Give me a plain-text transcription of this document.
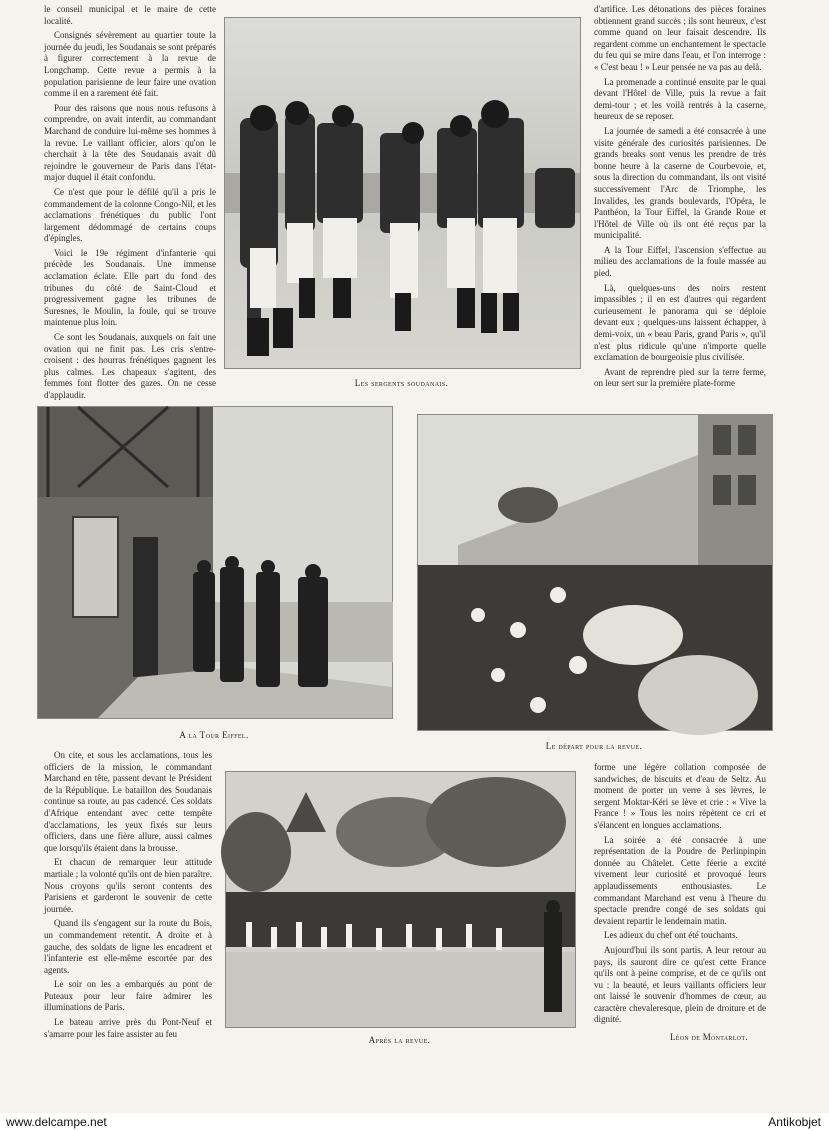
le conseil municipal et le maire de cette localité.

Consignés sévèrement au quartier toute la journée du jeudi, les Soudanais se sont préparés à figurer correctement à la revue de Longchamp. Cette revue a permis à la population parisienne de leur faire une ovation comme il en a rarement été fait.

Pour des raisons que nous nous refusons à comprendre, on avait interdit, au commandant Marchand de conduire lui-même ses hommes à la revue. Le vaillant officier, alors qu'on le cherchait à la tête des Soudanais avait dû rejoindre le gouverneur de Paris dans l'état-major duquel il était confondu.

Ce n'est que pour le défilé qu'il a pris le commandement de la colonne Congo-Nil, et les acclamations frénétiques du public l'ont largement dédommagé de certains coups d'épingles.

Voici le 19e régiment d'infanterie qui précède les Soudanais. Une immense acclamation éclate. Elle part du fond des tribunes du côté de Saint-Cloud et progressivement gagne les tribunes de Suresnes, le Moulin, la foule, qui se trouve maintenue plus loin.

Ce sont les Soudanais, auxquels on fait une ovation qui ne finit pas. Les cris s'entre-croisent : des hourras frénétiques gagnent les plus calmes. Les chapeaux s'agitent, des femmes font flotter des gazes. On ne cesse d'applaudir.

Les sergents soudanais.

d'artifice. Les détonations des pièces foraines obtiennent grand succès ; ils sont heureux, c'est comme quand on leur faisait descendre. Ils regardent comme un enchantement le spectacle du feu qui se mire dans l'eau, et l'on interroge : « C'est beau ! » Leur pensée ne va pas au delà.

La promenade a continué ensuite par le quai devant l'Hôtel de Ville, puis la revue a fait demi-tour ; et les voilà rentrés à la caserne, heureux de se reposer.

La journée de samedi a été consacrée à une visite générale des curiosités parisiennes. De grands breaks sont venus les prendre de très bonne heure à la caserne de Courbevoie, et, sous la direction du commandant, ils ont visité successivement l'Arc de Triomphe, les Invalides, les grands boulevards, l'Opéra, le Panthéon, la Tour Eiffel, la Grande Roue et l'Hôtel de Ville où ils ont été reçus par la municipalité.

A la Tour Eiffel, l'ascension s'effectue au milieu des acclamations de la foule massée au pied.

Là, quelques-uns des noirs restent impassibles ; il en est d'autres qui regardent curieusement le panorama qui se déploie devant eux ; quelques-uns laissent échapper, à demi-voix, un « beau Paris, grand Paris », qu'il n'est plus ridicule qu'une n'importe quelle exclamation de bourgeoisie plus civilisée.

Avant de reprendre pied sur la terre ferme, on leur sert sur la première plate-forme

A la Tour Eiffel.
Le départ pour la revue.

On cite, et sous les acclamations, tous les officiers de la mission, le commandant Marchand en tête, passent devant le Président de la République. Le bataillon des Soudanais continue sa route, au pas cadencé. Ces soldats d'Afrique entendant avec cette tempête d'acclamations, les yeux fixés sur leurs officiers, dans une fière allure, aussi calmes que lorsqu'ils étaient dans la brousse.

Et chacun de remarquer leur attitude martiale ; la volonté qu'ils ont de bien paraître. Nous croyons qu'ils seront contents des Parisiens et garderont le souvenir de cette journée.

Quand ils s'engagent sur la route du Bois, un commandement retentit. A droite et à gauche, des soldats de ligne les encadrent et l'infanterie est elle-même escortée par des agents.

Le soir on les a embarqués au pont de Puteaux pour leur faire admirer les illuminations de Paris.

Le bateau arrive près du Pont-Neuf et s'amarre pour les faire assister au feu

Après la revue.

forme une légère collation composée de sandwiches, de biscuits et d'eau de Seltz. Au moment de porter un verre à ses lèvres, le sergent Moktar-Kéri se lève et crie : « Vive la France ! » Tous les noirs répètent ce cri et s'élancent en longues acclamations.

La soirée a été consacrée à une représentation de la Poudre de Perlinpinpin donnée au Châtelet. Cette féerie a excité vivement leur curiosité et provoqué leurs applaudissements enthousiastes. Le commandant Marchand est venu à l'heure du spectacle prendre congé de ses soldats qui devaient repartir le lendemain matin.

Les adieux du chef ont été touchants.

Aujourd'hui ils sont partis. A leur retour au pays, ils sauront dire ce qu'est cette France qu'ils ont à peine comprise, et de ce qu'ils ont vu : la beauté, et leurs vaillants officiers leur ont laissé le souvenir d'hommes de cœur, au caractère chevaleresque, plein de droiture et de dignité.

Léon de Montarlot.
www.delcampe.net	Antikobjet
